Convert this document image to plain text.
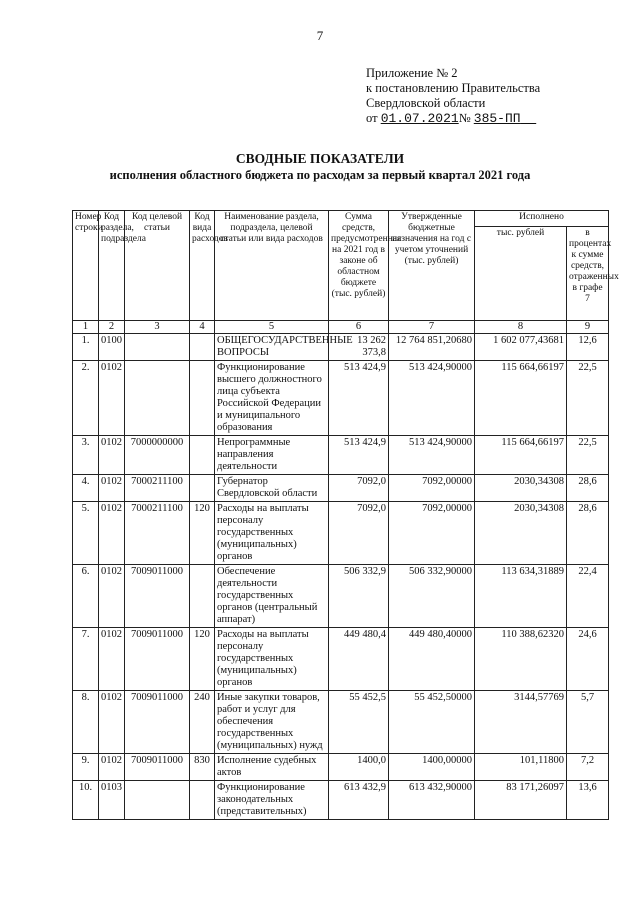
7
Приложение № 2
к постановлению Правительства
Свердловской области
от 01.07.2021№ 385-ПП
СВОДНЫЕ ПОКАЗАТЕЛИ
исполнения областного бюджета по расходам за первый квартал 2021 года
Номер строки	Код раздела, подраздела	Код целевой статьи	Код вида расходов	Наименование раздела, подраздела, целевой статьи или вида расходов	Сумма средств, предусмотренная на 2021 год в законе об областном бюджете (тыс. рублей)	Утвержденные бюджетные назначения на год с учетом уточнений (тыс. рублей)	Исполнено	
							тыс. рублей	в процентах к сумме средств, отраженных в графе 7
1	2	3	4	5	6	7	8	9
1.	0100			ОБЩЕГОСУДАРСТВЕННЫЕ ВОПРОСЫ	13 262 373,8	12 764 851,20680	1 602 077,43681	12,6
2.	0102			Функционирование высшего должностного лица субъекта Российской Федерации и муниципального образования	513 424,9	513 424,90000	115 664,66197	22,5
3.	0102	7000000000		Непрограммные направления деятельности	513 424,9	513 424,90000	115 664,66197	22,5
4.	0102	7000211100		Губернатор Свердловской области	7092,0	7092,00000	2030,34308	28,6
5.	0102	7000211100	120	Расходы на выплаты персоналу государственных (муниципальных) органов	7092,0	7092,00000	2030,34308	28,6
6.	0102	7009011000		Обеспечение деятельности государственных органов (центральный аппарат)	506 332,9	506 332,90000	113 634,31889	22,4
7.	0102	7009011000	120	Расходы на выплаты персоналу государственных (муниципальных) органов	449 480,4	449 480,40000	110 388,62320	24,6
8.	0102	7009011000	240	Иные закупки товаров, работ и услуг для обеспечения государственных (муниципальных) нужд	55 452,5	55 452,50000	3144,57769	5,7
9.	0102	7009011000	830	Исполнение судебных актов	1400,0	1400,00000	101,11800	7,2
10.	0103			Функционирование законодательных (представительных)	613 432,9	613 432,90000	83 171,26097	13,6
